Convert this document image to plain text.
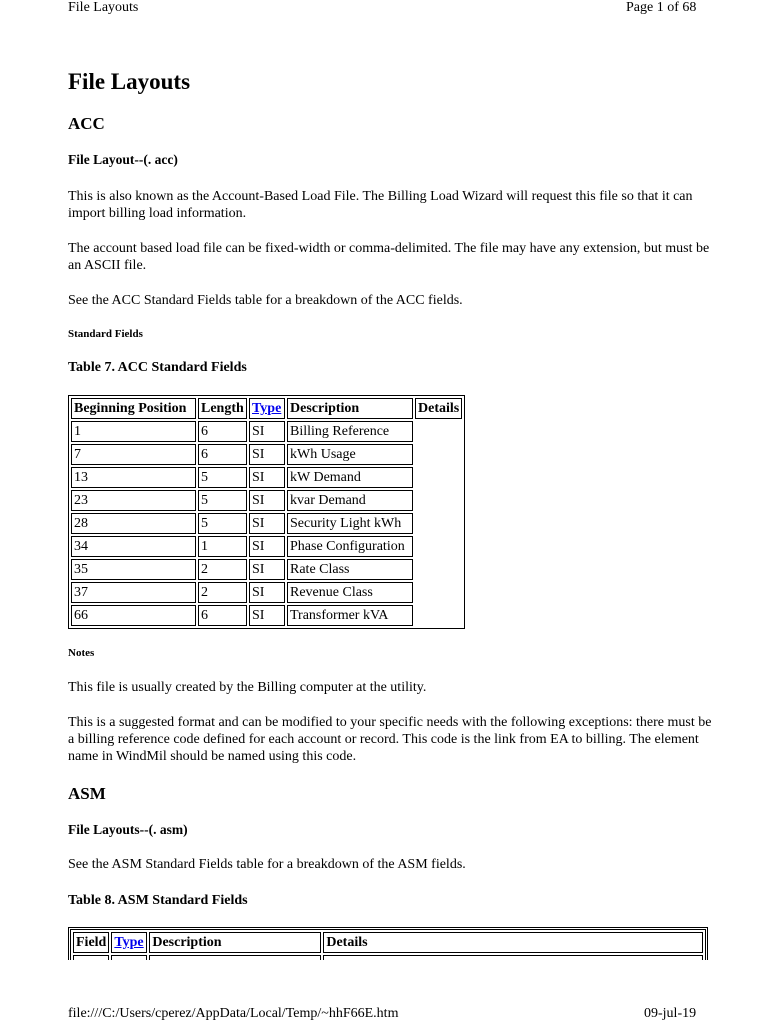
File Layouts	Page 1 of 68
File Layouts
ACC
File Layout--(. acc)

This is also known as the Account-Based Load File. The Billing Load Wizard will request this file so that it can import billing load information.

The account based load file can be fixed-width or comma-delimited. The file may have any extension, but must be an ASCII file.

See the ACC Standard Fields table for a breakdown of the ACC fields.

Standard Fields
Table 7. ACC Standard Fields
Beginning Position	Length	Type	Description	Details
1	6	SI	Billing Reference	
7	6	SI	kWh Usage	
13	5	SI	kW Demand	
23	5	SI	kvar Demand	
28	5	SI	Security Light kWh	
34	1	SI	Phase Configuration	
35	2	SI	Rate Class	
37	2	SI	Revenue Class	
66	6	SI	Transformer kVA	
Notes

This file is usually created by the Billing computer at the utility.

This is a suggested format and can be modified to your specific needs with the following exceptions: there must be a billing reference code defined for each account or record. This code is the link from EA to billing. The element name in WindMil should be named using this code.

ASM
File Layouts--(. asm)

See the ASM Standard Fields table for a breakdown of the ASM fields.

Table 8. ASM Standard Fields
Field	Type	Description	Details

file:///C:/Users/cperez/AppData/Local/Temp/~hhF66E.htm	09-jul-19
